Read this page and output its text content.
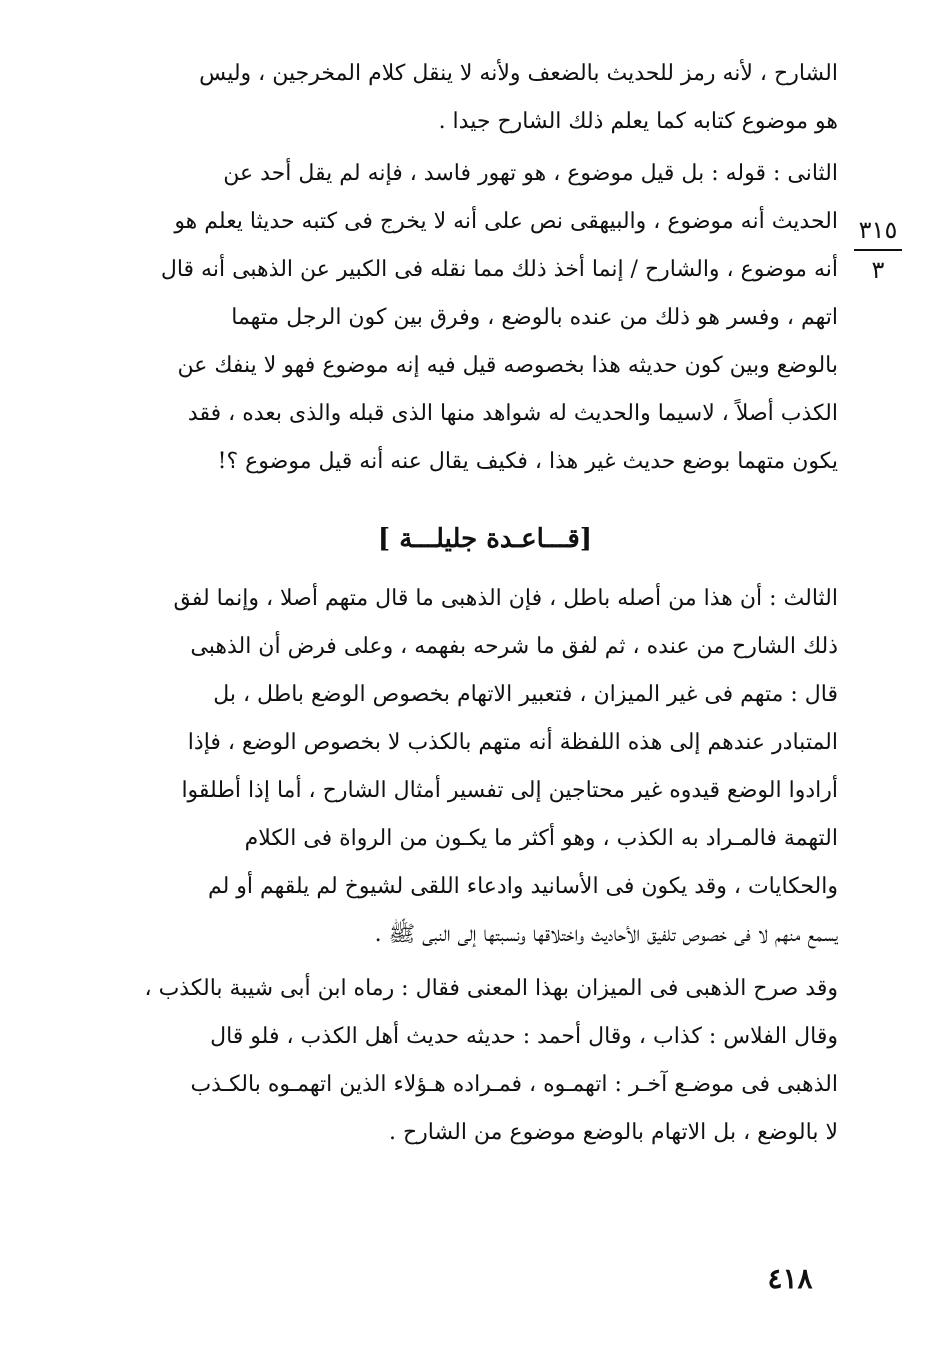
الشارح ، لأنه رمز للحديث بالضعف ولأنه لا ينقل كلام المخرجين ، وليس
هو موضوع كتابه كما يعلم ذلك الشارح جيدا .
٣١٥
٣
الثانى : قوله : بل قيل موضوع ، هو تهور فاسد ، فإنه لم يقل أحد عن
الحديث أنه موضوع ، والبيهقى نص على أنه لا يخرج فى كتبه حديثا يعلم هو
أنه موضوع ، والشارح / إنما أخذ ذلك مما نقله فى الكبير عن الذهبى أنه قال
اتهم ، وفسر هو ذلك من عنده بالوضع ، وفرق بين كون الرجل متهما
بالوضع وبين كون حديثه هذا بخصوصه قيل فيه إنه موضوع فهو لا ينفك عن
الكذب أصلاً ، لاسيما والحديث له شواهد منها الذى قبله والذى بعده ، فقد
يكون متهما بوضع حديث غير هذا ، فكيف يقال عنه أنه قيل موضوع ؟!
[قـــاعـدة جليلـــة ]
الثالث : أن هذا من أصله باطل ، فإن الذهبى ما قال متهم أصلا ، وإنما لفق
ذلك الشارح من عنده ، ثم لفق ما شرحه بفهمه ، وعلى فرض أن الذهبى
قال : متهم فى غير الميزان ، فتعبير الاتهام بخصوص الوضع باطل ، بل
المتبادر عندهم إلى هذه اللفظة أنه متهم بالكذب لا بخصوص الوضع ، فإذا
أرادوا الوضع قيدوه غير محتاجين إلى تفسير أمثال الشارح ، أما إذا أطلقوا
التهمة فالمـراد به الكذب ، وهو أكثر ما يكـون من الرواة فى الكلام
والحكايات ، وقد يكون فى الأسانيد وادعاء اللقى لشيوخ لم يلقهم أو لم
يسمع منهم لا فى خصوص تلفيق الأحاديث واختلاقها ونسبتها إلى النبى ﷺ .
وقد صرح الذهبى فى الميزان بهذا المعنى فقال : رماه ابن أبى شيبة بالكذب ،
وقال الفلاس : كذاب ، وقال أحمد : حديثه حديث أهل الكذب ، فلو قال
الذهبى فى موضـع آخـر : اتهمـوه ، فمـراده هـؤلاء الذين اتهمـوه بالكـذب
لا بالوضع ، بل الاتهام بالوضع موضوع من الشارح .
٤١٨
